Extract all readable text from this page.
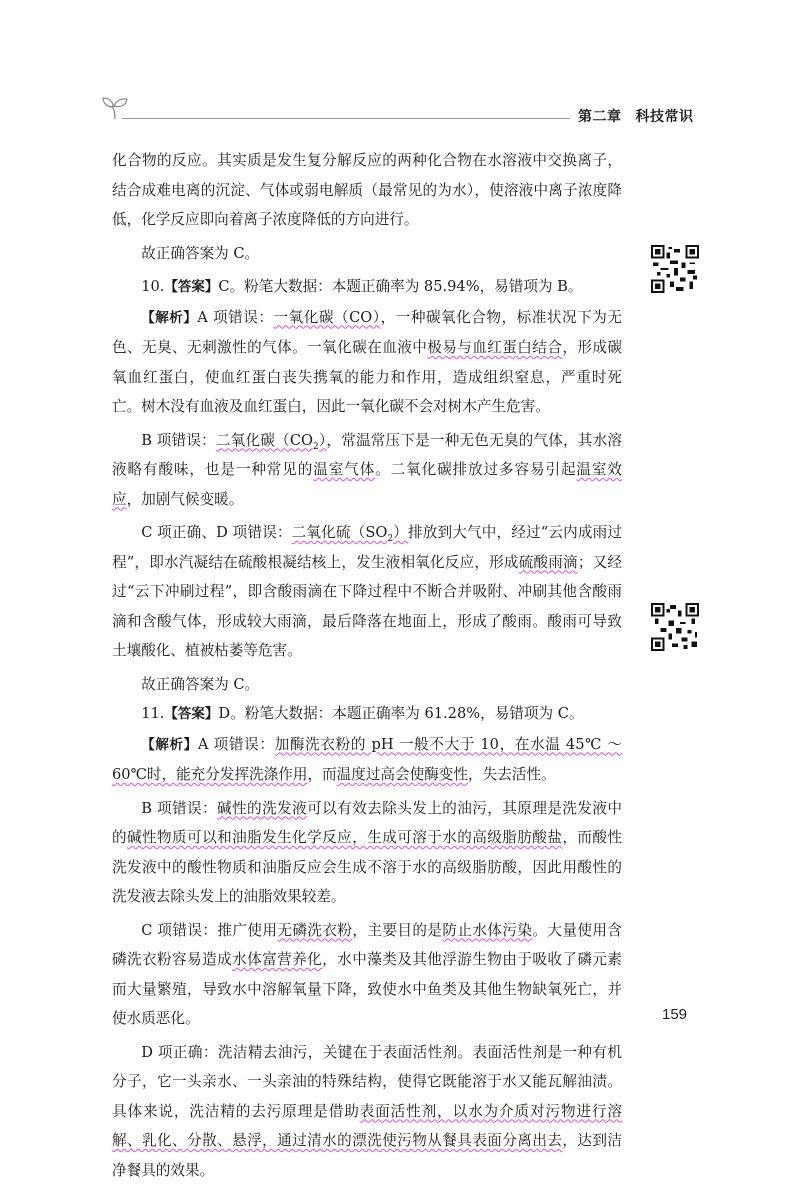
第二章 科技常识

化合物的反应。其实质是发生复分解反应的两种化合物在水溶液中交换离子，结合成难电离的沉淀、气体或弱电解质（最常见的为水），使溶液中离子浓度降低，化学反应即向着离子浓度降低的方向进行。

故正确答案为 C。

10.【答案】C。粉笔大数据：本题正确率为 85.94%，易错项为 B。

【解析】A 项错误：一氧化碳（CO），一种碳氧化合物，标准状况下为无色、无臭、无刺激性的气体。一氧化碳在血液中极易与血红蛋白结合，形成碳氧血红蛋白，使血红蛋白丧失携氧的能力和作用，造成组织窒息，严重时死亡。树木没有血液及血红蛋白，因此一氧化碳不会对树木产生危害。

B 项错误：二氧化碳$(CO_2)$，常温常压下是一种无色无臭的气体，其水溶液略有酸味，也是一种常见的温室气体。二氧化碳排放过多容易引起温室效应，加剧气候变暖。

C 项正确、D 项错误：二氧化硫$(SO_2)$排放到大气中，经过“云内成雨过程”，即水汽凝结在硫酸根凝结核上，发生液相氧化反应，形成硫酸雨滴；又经过“云下冲刷过程”，即含酸雨滴在下降过程中不断合并吸附、冲刷其他含酸雨滴和含酸气体，形成较大雨滴，最后降落在地面上，形成了酸雨。酸雨可导致土壤酸化、植被枯萎等危害。

故正确答案为 C。

11.【答案】D。粉笔大数据：本题正确率为 61.28%，易错项为 C。

【解析】A 项错误：加酶洗衣粉的 pH 一般不大于 10，在水温 45℃ ～ 60℃时，能充分发挥洗涤作用，而温度过高会使酶变性，失去活性。

B 项错误：碱性的洗发液可以有效去除头发上的油污，其原理是洗发液中的碱性物质可以和油脂发生化学反应，生成可溶于水的高级脂肪酸盐，而酸性洗发液中的酸性物质和油脂反应会生成不溶于水的高级脂肪酸，因此用酸性的洗发液去除头发上的油脂效果较差。

C 项错误：推广使用无磷洗衣粉，主要目的是防止水体污染。大量使用含磷洗衣粉容易造成水体富营养化，水中藻类及其他浮游生物由于吸收了磷元素而大量繁殖，导致水中溶解氧量下降，致使水中鱼类及其他生物缺氧死亡，并使水质恶化。

D 项正确：洗洁精去油污，关键在于表面活性剂。表面活性剂是一种有机分子，它一头亲水、一头亲油的特殊结构，使得它既能溶于水又能瓦解油渍。具体来说，洗洁精的去污原理是借助表面活性剂，以水为介质对污物进行溶解、乳化、分散、悬浮，通过清水的漂洗使污物从餐具表面分离出去，达到洁净餐具的效果。

159
